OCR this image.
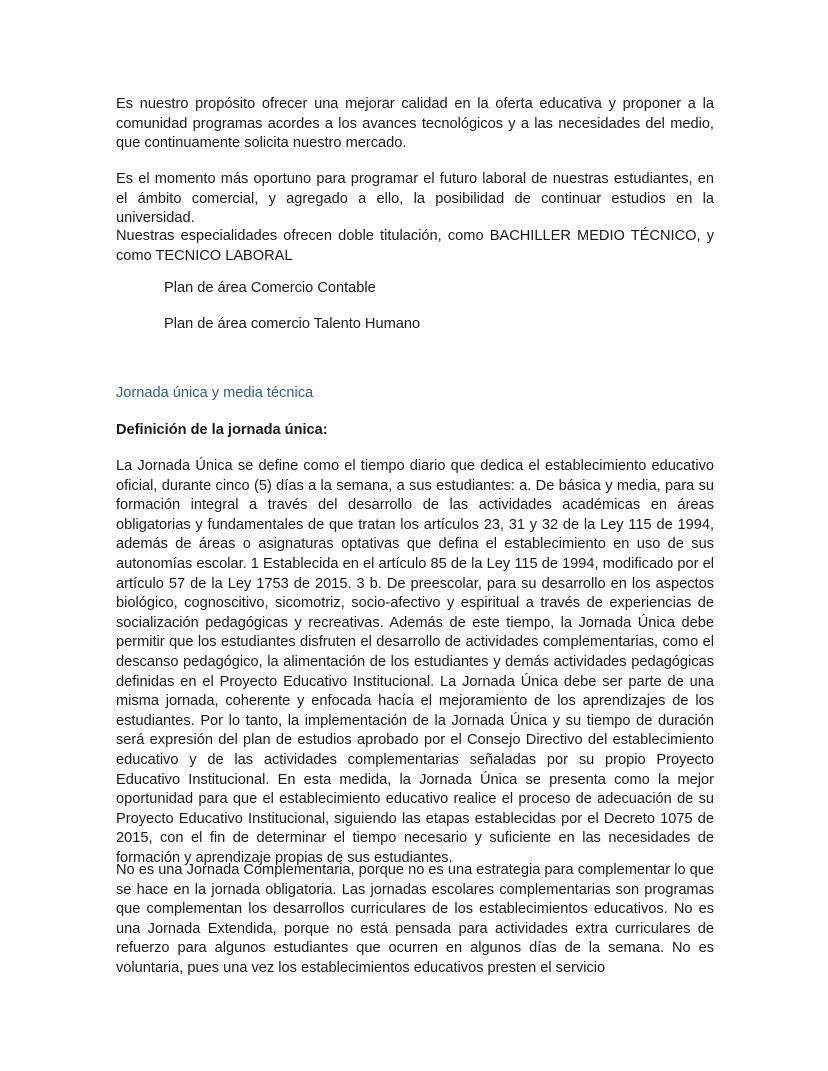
Es nuestro propósito ofrecer una mejorar calidad en la oferta educativa y proponer a la comunidad programas acordes a los avances tecnológicos y a las necesidades del medio, que continuamente solicita nuestro mercado.

Es el momento más oportuno para programar el futuro laboral de nuestras estudiantes, en el ámbito comercial, y agregado a ello, la posibilidad de continuar estudios en la universidad.

Nuestras especialidades ofrecen doble titulación, como BACHILLER MEDIO TÉCNICO, y como TECNICO LABORAL

Plan de área Comercio Contable

Plan de área comercio Talento Humano

Jornada única y media técnica

Definición de la jornada única:

La Jornada Única se define como el tiempo diario que dedica el establecimiento educativo oficial, durante cinco (5) días a la semana, a sus estudiantes: a. De básica y media, para su formación integral a través del desarrollo de las actividades académicas en áreas obligatorias y fundamentales de que tratan los artículos 23, 31 y 32 de la Ley 115 de 1994, además de áreas o asignaturas optativas que defina el establecimiento en uso de sus autonomías escolar. 1 Establecida en el artículo 85 de la Ley 115 de 1994, modificado por el artículo 57 de la Ley 1753 de 2015. 3 b. De preescolar, para su desarrollo en los aspectos biológico, cognoscitivo, sicomotriz, socio-afectivo y espiritual a través de experiencias de socialización pedagógicas y recreativas. Además de este tiempo, la Jornada Única debe permitir que los estudiantes disfruten el desarrollo de actividades complementarias, como el descanso pedagógico, la alimentación de los estudiantes y demás actividades pedagógicas definidas en el Proyecto Educativo Institucional. La Jornada Única debe ser parte de una misma jornada, coherente y enfocada hacía el mejoramiento de los aprendizajes de los estudiantes. Por lo tanto, la implementación de la Jornada Única y su tiempo de duración será expresión del plan de estudios aprobado por el Consejo Directivo del establecimiento educativo y de las actividades complementarias señaladas por su propio Proyecto Educativo Institucional. En esta medida, la Jornada Única se presenta como la mejor oportunidad para que el establecimiento educativo realice el proceso de adecuación de su Proyecto Educativo Institucional, siguiendo las etapas establecidas por el Decreto 1075 de 2015, con el fin de determinar el tiempo necesario y suficiente en las necesidades de formación y aprendizaje propias de sus estudiantes.

No es una Jornada Complementaria, porque no es una estrategia para complementar lo que se hace en la jornada obligatoria. Las jornadas escolares complementarias son programas que complementan los desarrollos curriculares de los establecimientos educativos. No es una Jornada Extendida, porque no está pensada para actividades extra curriculares de refuerzo para algunos estudiantes que ocurren en algunos días de la semana. No es voluntaria, pues una vez los establecimientos educativos presten el servicio
